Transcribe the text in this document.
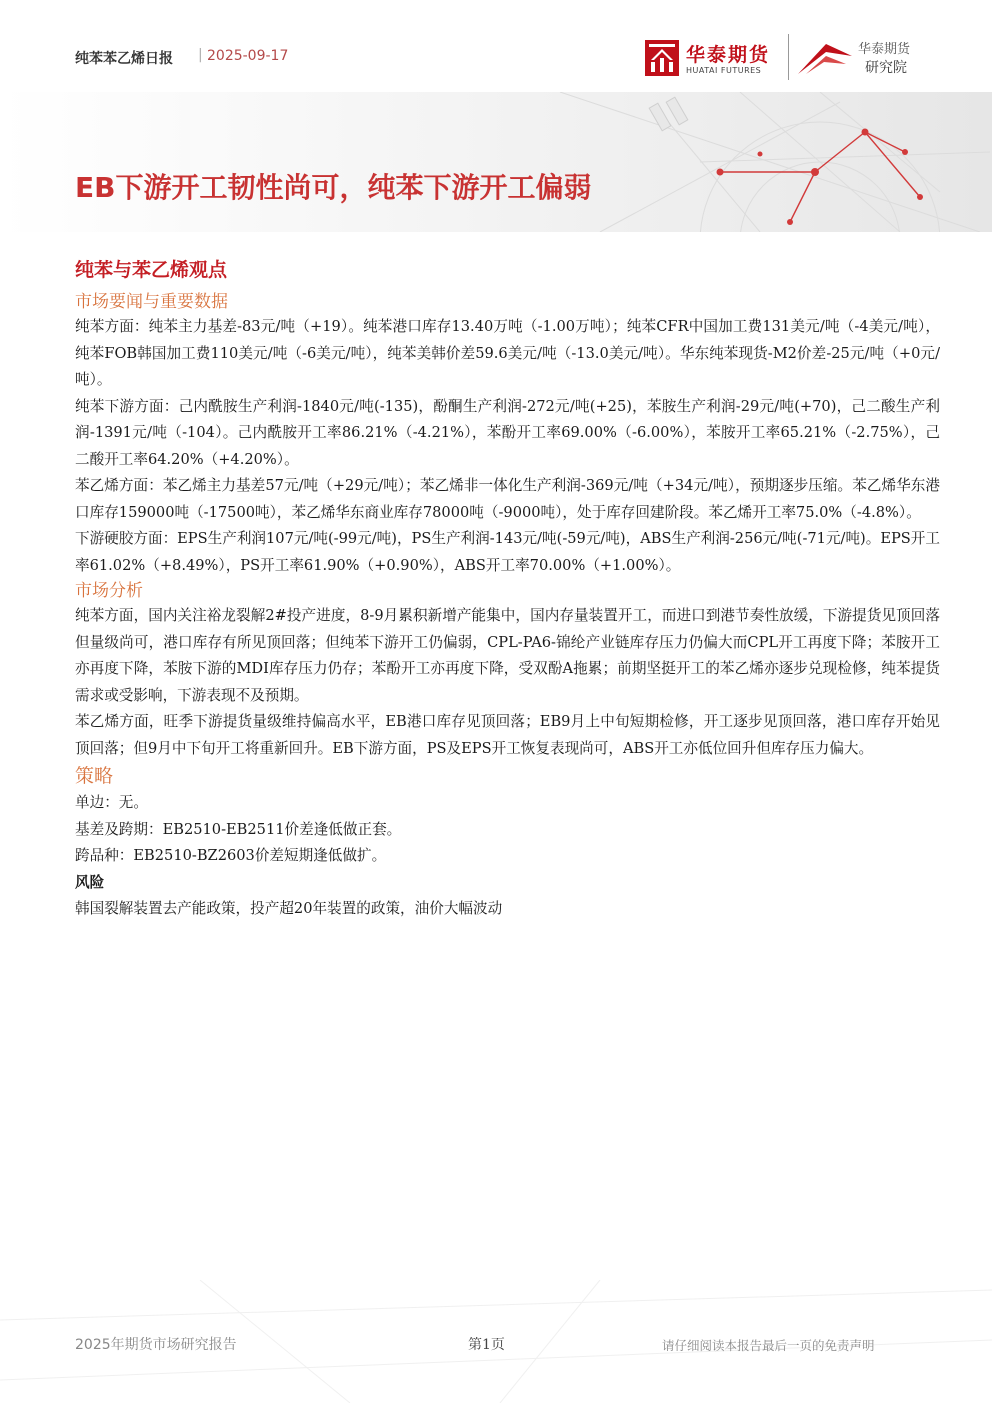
纯苯苯乙烯日报 | 2025-09-17	华泰期货
HUATAI FUTURES
华泰期货
研究院
EB下游开工韧性尚可，纯苯下游开工偏弱
纯苯与苯乙烯观点
市场要闻与重要数据

纯苯方面：纯苯主力基差-83元/吨（+19）。纯苯港口库存13.40万吨（-1.00万吨）；纯苯CFR中国加工费131美元/吨（-4美元/吨），纯苯FOB韩国加工费110美元/吨（-6美元/吨），纯苯美韩价差59.6美元/吨（-13.0美元/吨）。华东纯苯现货-M2价差-25元/吨（+0元/吨）。

纯苯下游方面：己内酰胺生产利润-1840元/吨(-135)，酚酮生产利润-272元/吨(+25)，苯胺生产利润-29元/吨(+70)，己二酸生产利润-1391元/吨（-104）。己内酰胺开工率86.21%（-4.21%），苯酚开工率69.00%（-6.00%），苯胺开工率65.21%（-2.75%），己二酸开工率64.20%（+4.20%）。

苯乙烯方面：苯乙烯主力基差57元/吨（+29元/吨）；苯乙烯非一体化生产利润-369元/吨（+34元/吨），预期逐步压缩。苯乙烯华东港口库存159000吨（-17500吨），苯乙烯华东商业库存78000吨（-9000吨），处于库存回建阶段。苯乙烯开工率75.0%（-4.8%）。

下游硬胶方面：EPS生产利润107元/吨(-99元/吨)，PS生产利润-143元/吨(-59元/吨)，ABS生产利润-256元/吨(-71元/吨)。EPS开工率61.02%（+8.49%），PS开工率61.90%（+0.90%），ABS开工率70.00%（+1.00%）。

市场分析

纯苯方面，国内关注裕龙裂解2#投产进度，8-9月累积新增产能集中，国内存量装置开工，而进口到港节奏性放缓，下游提货见顶回落但量级尚可，港口库存有所见顶回落；但纯苯下游开工仍偏弱，CPL-PA6-锦纶产业链库存压力仍偏大而CPL开工再度下降；苯胺开工亦再度下降，苯胺下游的MDI库存压力仍存；苯酚开工亦再度下降，受双酚A拖累；前期坚挺开工的苯乙烯亦逐步兑现检修，纯苯提货需求或受影响，下游表现不及预期。

苯乙烯方面，旺季下游提货量级维持偏高水平，EB港口库存见顶回落；EB9月上中旬短期检修，开工逐步见顶回落，港口库存开始见顶回落；但9月中下旬开工将重新回升。EB下游方面，PS及EPS开工恢复表现尚可，ABS开工亦低位回升但库存压力偏大。

策略

单边：无。

基差及跨期：EB2510-EB2511价差逢低做正套。

跨品种：EB2510-BZ2603价差短期逢低做扩。

风险

韩国裂解装置去产能政策，投产超20年装置的政策，油价大幅波动

2025年期货市场研究报告	第1页	请仔细阅读本报告最后一页的免责声明
